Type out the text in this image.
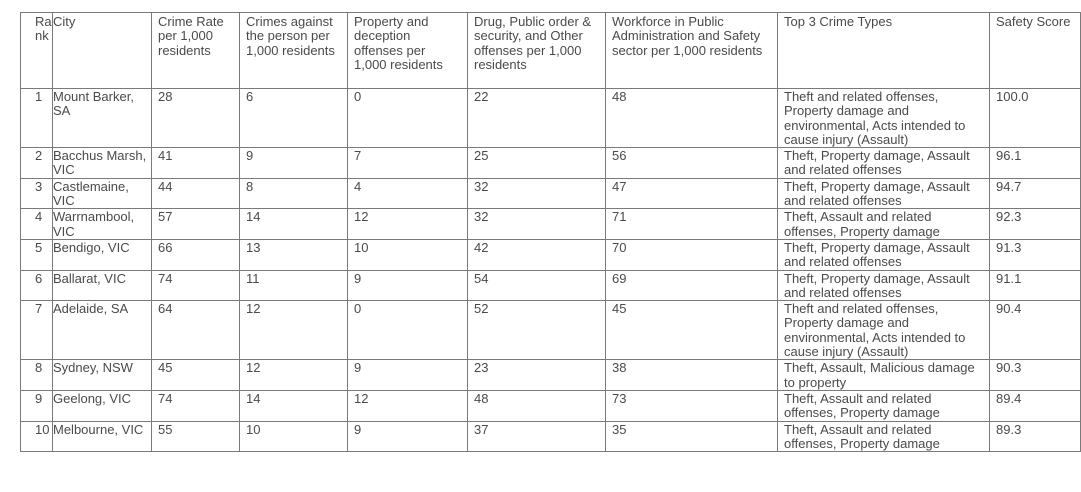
Rank	City	Crime Rate per 1,000 residents	Crimes against the person per 1,000 residents	Property and deception offenses per 1,000 residents	Drug, Public order & security, and Other offenses per 1,000 residents	Workforce in Public Administration and Safety sector per 1,000 residents	Top 3 Crime Types	Safety Score
1	Mount Barker, SA	28	6	0	22	48	Theft and related offenses, Property damage and environmental, Acts intended to cause injury (Assault)	100.0
2	Bacchus Marsh, VIC	41	9	7	25	56	Theft, Property damage, Assault and related offenses	96.1
3	Castlemaine, VIC	44	8	4	32	47	Theft, Property damage, Assault and related offenses	94.7
4	Warrnambool, VIC	57	14	12	32	71	Theft, Assault and related offenses, Property damage	92.3
5	Bendigo, VIC	66	13	10	42	70	Theft, Property damage, Assault and related offenses	91.3
6	Ballarat, VIC	74	11	9	54	69	Theft, Property damage, Assault and related offenses	91.1
7	Adelaide, SA	64	12	0	52	45	Theft and related offenses, Property damage and environmental, Acts intended to cause injury (Assault)	90.4
8	Sydney, NSW	45	12	9	23	38	Theft, Assault, Malicious damage to property	90.3
9	Geelong, VIC	74	14	12	48	73	Theft, Assault and related offenses, Property damage	89.4
10	Melbourne, VIC	55	10	9	37	35	Theft, Assault and related offenses, Property damage	89.3
